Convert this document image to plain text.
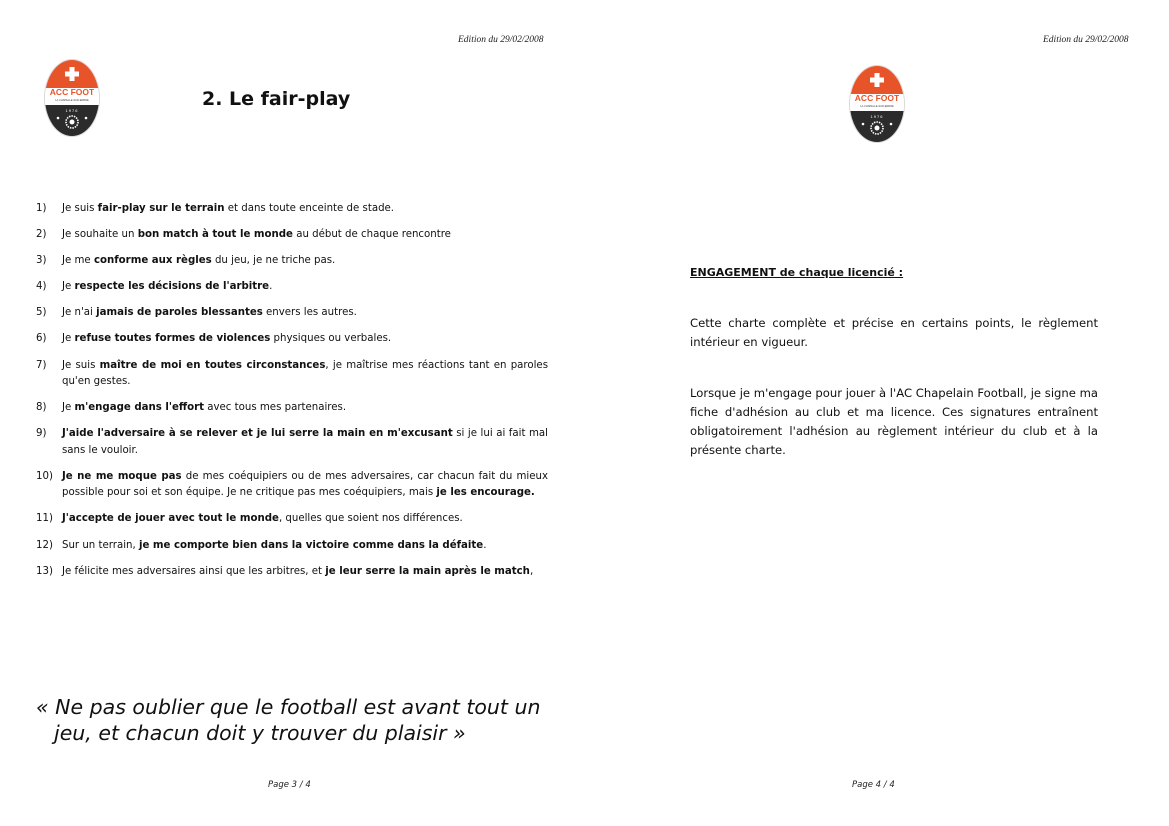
Edition du 29/02/2008
ACC FOOT
LA CHAPELLE-SUR-ERDRE
1976
2. Le fair-play
1) Je suis fair-play sur le terrain et dans toute enceinte de stade.
2) Je souhaite un bon match à tout le monde au début de chaque rencontre
3) Je me conforme aux règles du jeu, je ne triche pas.
4) Je respecte les décisions de l'arbitre.
5) Je n'ai jamais de paroles blessantes envers les autres.
6) Je refuse toutes formes de violences physiques ou verbales.
7) Je suis maître de moi en toutes circonstances, je maîtrise mes réactions tant en paroles qu'en gestes.
8) Je m'engage dans l'effort avec tous mes partenaires.
9) J'aide l'adversaire à se relever et je lui serre la main en m'excusant si je lui ai fait mal sans le vouloir.
10) Je ne me moque pas de mes coéquipiers ou de mes adversaires, car chacun fait du mieux possible pour soi et son équipe. Je ne critique pas mes coéquipiers, mais je les encourage.
11) J'accepte de jouer avec tout le monde, quelles que soient nos différences.
12) Sur un terrain, je me comporte bien dans la victoire comme dans la défaite.
13) Je félicite mes adversaires ainsi que les arbitres, et je leur serre la main après le match,
« Ne pas oublier que le football est avant tout un
jeu, et chacun doit y trouver du plaisir »
Page 3 / 4
Edition du 29/02/2008
ACC FOOT
LA CHAPELLE-SUR-ERDRE
1976
ENGAGEMENT de chaque licencié :

Cette charte complète et précise en certains points, le règlement intérieur en vigueur.

Lorsque je m'engage pour jouer à l'AC Chapelain Football, je signe ma fiche d'adhésion au club et ma licence. Ces signatures entraînent obligatoirement l'adhésion au règlement intérieur du club et à la présente charte.

Page 4 / 4
